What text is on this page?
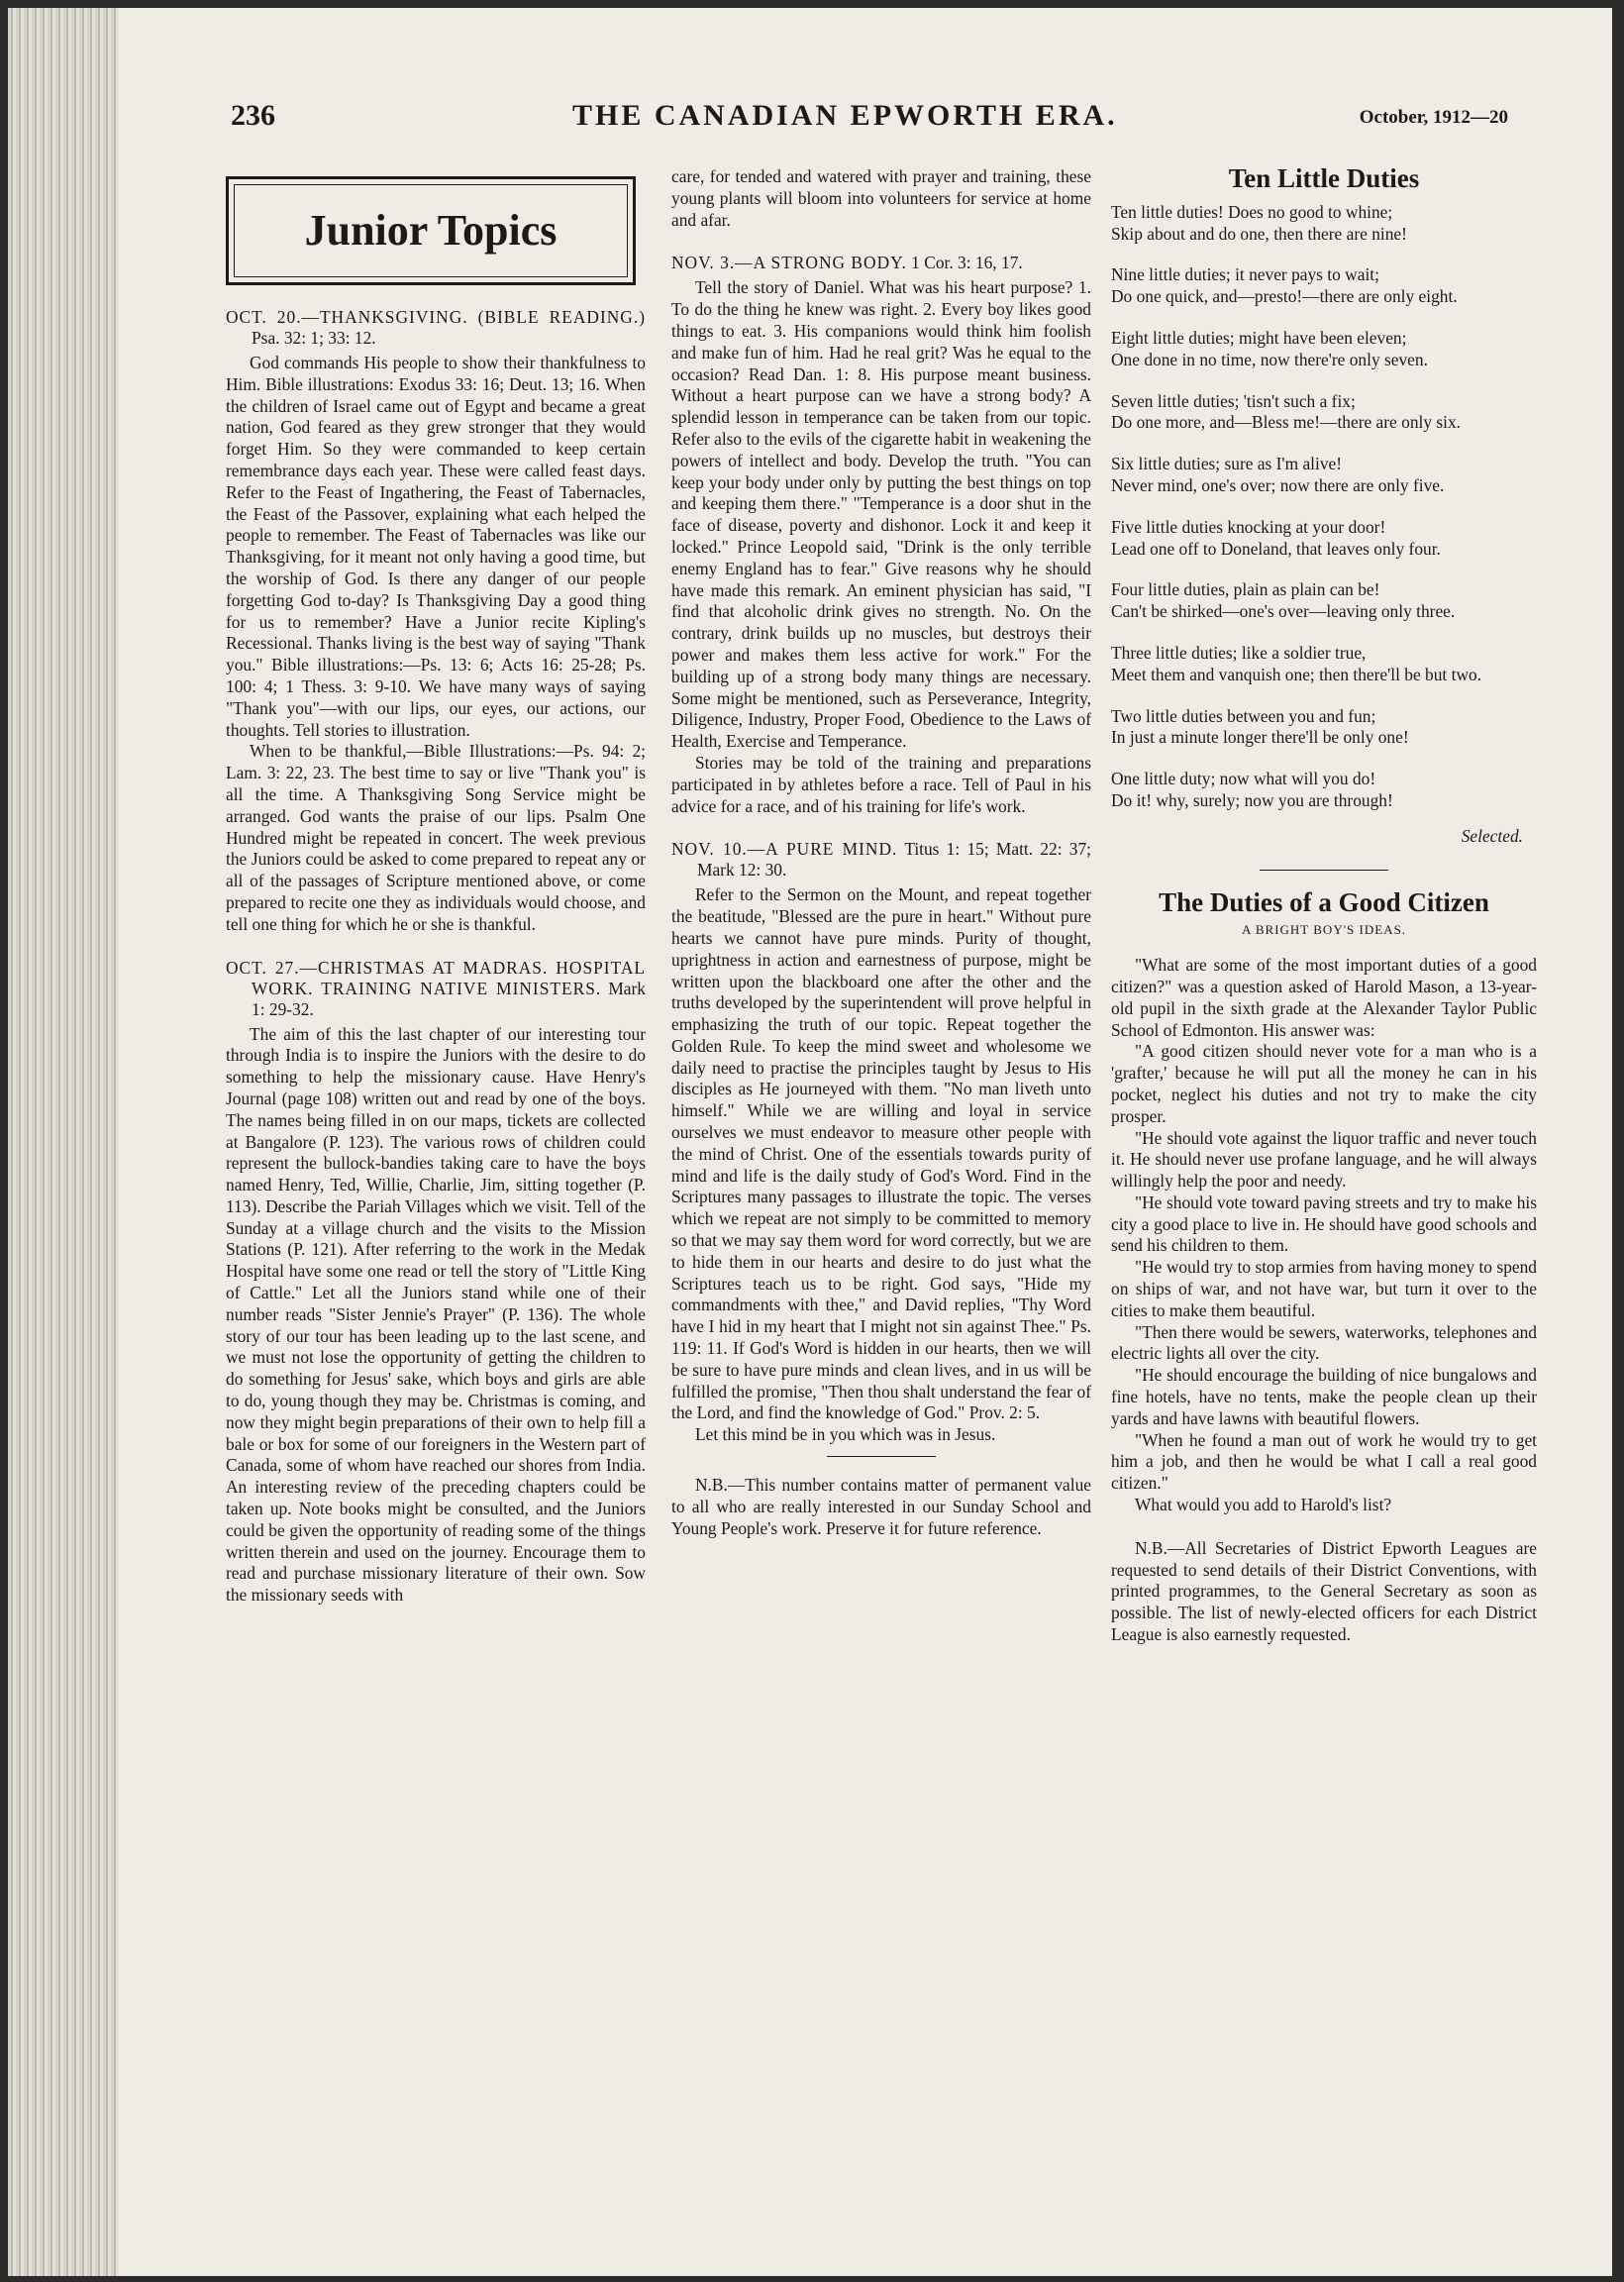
236	THE CANADIAN EPWORTH ERA.	October, 1912—20
Junior Topics

OCT. 20.—THANKSGIVING. (BIBLE READING.) Psa. 32: 1; 33: 12.

God commands His people to show their thankfulness to Him. Bible illustrations: Exodus 33: 16; Deut. 13; 16. When the children of Israel came out of Egypt and became a great nation, God feared as they grew stronger that they would forget Him. So they were commanded to keep certain remembrance days each year. These were called feast days. Refer to the Feast of Ingathering, the Feast of Tabernacles, the Feast of the Passover, explaining what each helped the people to remember. The Feast of Tabernacles was like our Thanksgiving, for it meant not only having a good time, but the worship of God. Is there any danger of our people forgetting God to-day? Is Thanksgiving Day a good thing for us to remember? Have a Junior recite Kipling's Recessional. Thanks living is the best way of saying "Thank you." Bible illustrations:—Ps. 13: 6; Acts 16: 25-28; Ps. 100: 4; 1 Thess. 3: 9-10. We have many ways of saying "Thank you"—with our lips, our eyes, our actions, our thoughts. Tell stories to illustration.

When to be thankful,—Bible Illustrations:—Ps. 94: 2; Lam. 3: 22, 23. The best time to say or live "Thank you" is all the time. A Thanksgiving Song Service might be arranged. God wants the praise of our lips. Psalm One Hundred might be repeated in concert. The week previous the Juniors could be asked to come prepared to repeat any or all of the passages of Scripture mentioned above, or come prepared to recite one they as individuals would choose, and tell one thing for which he or she is thankful.

OCT. 27.—CHRISTMAS AT MADRAS. HOSPITAL WORK. TRAINING NATIVE MINISTERS. Mark 1: 29-32.

The aim of this the last chapter of our interesting tour through India is to inspire the Juniors with the desire to do something to help the missionary cause. Have Henry's Journal (page 108) written out and read by one of the boys. The names being filled in on our maps, tickets are collected at Bangalore (P. 123). The various rows of children could represent the bullock-bandies taking care to have the boys named Henry, Ted, Willie, Charlie, Jim, sitting together (P. 113). Describe the Pariah Villages which we visit. Tell of the Sunday at a village church and the visits to the Mission Stations (P. 121). After referring to the work in the Medak Hospital have some one read or tell the story of "Little King of Cattle." Let all the Juniors stand while one of their number reads "Sister Jennie's Prayer" (P. 136). The whole story of our tour has been leading up to the last scene, and we must not lose the opportunity of getting the children to do something for Jesus' sake, which boys and girls are able to do, young though they may be. Christmas is coming, and now they might begin preparations of their own to help fill a bale or box for some of our foreigners in the Western part of Canada, some of whom have reached our shores from India. An interesting review of the preceding chapters could be taken up. Note books might be consulted, and the Juniors could be given the opportunity of reading some of the things written therein and used on the journey. Encourage them to read and purchase missionary literature of their own. Sow the missionary seeds with

care, for tended and watered with prayer and training, these young plants will bloom into volunteers for service at home and afar.

NOV. 3.—A STRONG BODY. 1 Cor. 3: 16, 17.

Tell the story of Daniel. What was his heart purpose? 1. To do the thing he knew was right. 2. Every boy likes good things to eat. 3. His companions would think him foolish and make fun of him. Had he real grit? Was he equal to the occasion? Read Dan. 1: 8. His purpose meant business. Without a heart purpose can we have a strong body? A splendid lesson in temperance can be taken from our topic. Refer also to the evils of the cigarette habit in weakening the powers of intellect and body. Develop the truth. "You can keep your body under only by putting the best things on top and keeping them there." "Temperance is a door shut in the face of disease, poverty and dishonor. Lock it and keep it locked." Prince Leopold said, "Drink is the only terrible enemy England has to fear." Give reasons why he should have made this remark. An eminent physician has said, "I find that alcoholic drink gives no strength. No. On the contrary, drink builds up no muscles, but destroys their power and makes them less active for work." For the building up of a strong body many things are necessary. Some might be mentioned, such as Perseverance, Integrity, Diligence, Industry, Proper Food, Obedience to the Laws of Health, Exercise and Temperance.

Stories may be told of the training and preparations participated in by athletes before a race. Tell of Paul in his advice for a race, and of his training for life's work.

NOV. 10.—A PURE MIND. Titus 1: 15; Matt. 22: 37; Mark 12: 30.

Refer to the Sermon on the Mount, and repeat together the beatitude, "Blessed are the pure in heart." Without pure hearts we cannot have pure minds. Purity of thought, uprightness in action and earnestness of purpose, might be written upon the blackboard one after the other and the truths developed by the superintendent will prove helpful in emphasizing the truth of our topic. Repeat together the Golden Rule. To keep the mind sweet and wholesome we daily need to practise the principles taught by Jesus to His disciples as He journeyed with them. "No man liveth unto himself." While we are willing and loyal in service ourselves we must endeavor to measure other people with the mind of Christ. One of the essentials towards purity of mind and life is the daily study of God's Word. Find in the Scriptures many passages to illustrate the topic. The verses which we repeat are not simply to be committed to memory so that we may say them word for word correctly, but we are to hide them in our hearts and desire to do just what the Scriptures teach us to be right. God says, "Hide my commandments with thee," and David replies, "Thy Word have I hid in my heart that I might not sin against Thee." Ps. 119: 11. If God's Word is hidden in our hearts, then we will be sure to have pure minds and clean lives, and in us will be fulfilled the promise, "Then thou shalt understand the fear of the Lord, and find the knowledge of God." Prov. 2: 5.

Let this mind be in you which was in Jesus.

N.B.—This number contains matter of permanent value to all who are really interested in our Sunday School and Young People's work. Preserve it for future reference.

Ten Little Duties

Ten little duties! Does no good to whine;

Skip about and do one, then there are nine!

Nine little duties; it never pays to wait;

Do one quick, and—presto!—there are only eight.

Eight little duties; might have been eleven;

One done in no time, now there're only seven.

Seven little duties; 'tisn't such a fix;

Do one more, and—Bless me!—there are only six.

Six little duties; sure as I'm alive!

Never mind, one's over; now there are only five.

Five little duties knocking at your door!

Lead one off to Doneland, that leaves only four.

Four little duties, plain as plain can be!

Can't be shirked—one's over—leaving only three.

Three little duties; like a soldier true,

Meet them and vanquish one; then there'll be but two.

Two little duties between you and fun;

In just a minute longer there'll be only one!

One little duty; now what will you do!

Do it! why, surely; now you are through!

Selected.
The Duties of a Good Citizen
A BRIGHT BOY'S IDEAS.

"What are some of the most important duties of a good citizen?" was a question asked of Harold Mason, a 13-year-old pupil in the sixth grade at the Alexander Taylor Public School of Edmonton. His answer was:

"A good citizen should never vote for a man who is a 'grafter,' because he will put all the money he can in his pocket, neglect his duties and not try to make the city prosper.

"He should vote against the liquor traffic and never touch it. He should never use profane language, and he will always willingly help the poor and needy.

"He should vote toward paving streets and try to make his city a good place to live in. He should have good schools and send his children to them.

"He would try to stop armies from having money to spend on ships of war, and not have war, but turn it over to the cities to make them beautiful.

"Then there would be sewers, waterworks, telephones and electric lights all over the city.

"He should encourage the building of nice bungalows and fine hotels, have no tents, make the people clean up their yards and have lawns with beautiful flowers.

"When he found a man out of work he would try to get him a job, and then he would be what I call a real good citizen."

What would you add to Harold's list?

N.B.—All Secretaries of District Epworth Leagues are requested to send details of their District Conventions, with printed programmes, to the General Secretary as soon as possible. The list of newly-elected officers for each District League is also earnestly requested.
